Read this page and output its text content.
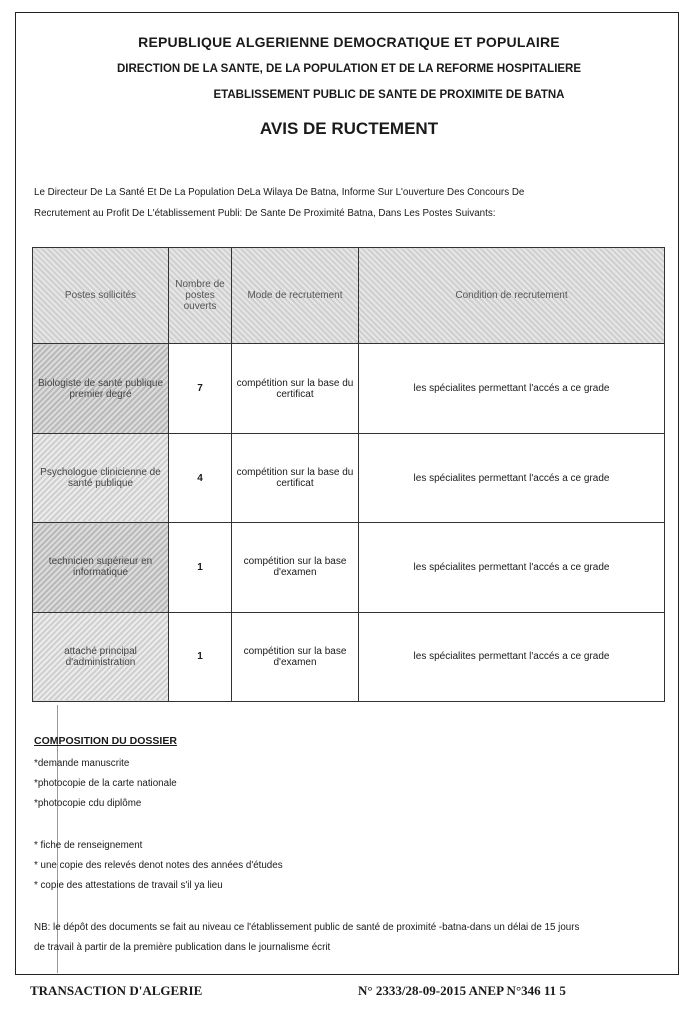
REPUBLIQUE ALGERIENNE DEMOCRATIQUE ET POPULAIRE
DIRECTION DE LA SANTE, DE LA POPULATION ET DE LA REFORME HOSPITALIERE
ETABLISSEMENT PUBLIC DE SANTE DE PROXIMITE DE BATNA
AVIS DE RUCTEMENT
Le Directeur De La Santé Et De La Population DeLa Wilaya De Batna, Informe Sur L'ouverture Des Concours De
Recrutement au Profit De L'établissement Publi: De Sante De Proximité Batna, Dans Les Postes Suivants:
Postes sollicités	Nombre de postes ouverts	Mode de recrutement	Condition de recrutement
Biologiste de santé publique premier degré	7	compétition sur la base du certificat	les spécialites permettant l'accés a ce grade
Psychologue clinicienne de santé publique	4	compétition sur la base du certificat	les spécialites permettant l'accés a ce grade
technicien supérieur en informatique	1	compétition sur la base d'examen	les spécialites permettant l'accés a ce grade
attaché principal d'administration	1	compétition sur la base d'examen	les spécialites permettant l'accés a ce grade
COMPOSITION DU DOSSIER
*demande manuscrite
*photocopie de la carte nationale
*photocopie cdu diplôme
* fiche de renseignement
* une copie des relevés denot notes des années d'études
* copie des attestations de travail s'il ya lieu
NB: le dépôt des documents se fait au niveau ce l'établissement public de santé de proximité -batna-dans un délai de 15 jours
de travail à partir de la première publication dans le journalisme écrit
TRANSACTION D'ALGERIE	N° 2333/28-09-2015 ANEP N°346 11 5
